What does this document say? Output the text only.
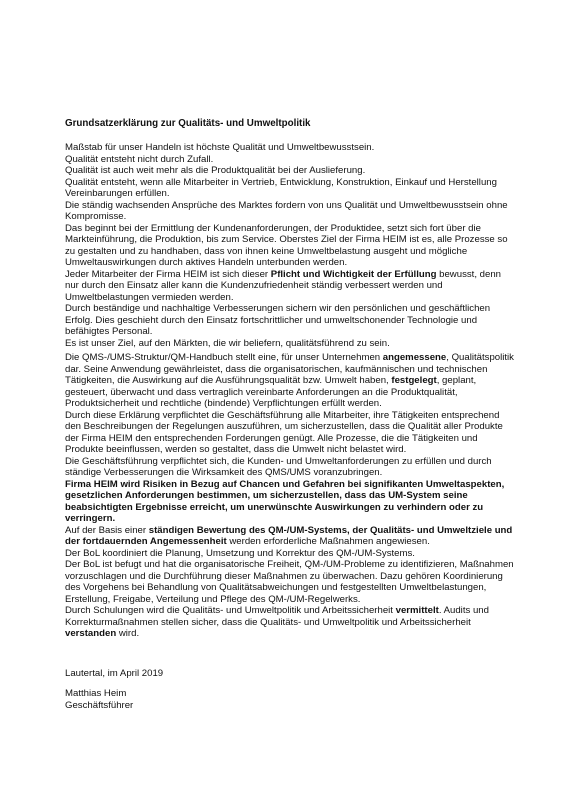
Grundsatzerklärung zur Qualitäts- und Umweltpolitik

Maßstab für unser Handeln ist höchste Qualität und Umweltbewusstsein.

Qualität entsteht nicht durch Zufall.

Qualität ist auch weit mehr als die Produktqualität bei der Auslieferung.

Qualität entsteht, wenn alle Mitarbeiter in Vertrieb, Entwicklung, Konstruktion, Einkauf und Herstellung Vereinbarungen erfüllen.

Die ständig wachsenden Ansprüche des Marktes fordern von uns Qualität und Umweltbewusstsein ohne Kompromisse.

Das beginnt bei der Ermittlung der Kundenanforderungen, der Produktidee, setzt sich fort über die Markteinführung, die Produktion, bis zum Service. Oberstes Ziel der Firma HEIM ist es, alle Prozesse so zu gestalten und zu handhaben, dass von ihnen keine Umweltbelastung ausgeht und mögliche Umweltauswirkungen durch aktives Handeln unterbunden werden.

Jeder Mitarbeiter der Firma HEIM ist sich dieser Pflicht und Wichtigkeit der Erfüllung bewusst, denn nur durch den Einsatz aller kann die Kundenzufriedenheit ständig verbessert werden und Umweltbelastungen vermieden werden.

Durch beständige und nachhaltige Verbesserungen sichern wir den persönlichen und geschäftlichen Erfolg. Dies geschieht durch den Einsatz fortschrittlicher und umweltschonender Technologie und befähigtes Personal.

Es ist unser Ziel, auf den Märkten, die wir beliefern, qualitätsführend zu sein.

Die QMS-/UMS-Struktur/QM-Handbuch stellt eine, für unser Unternehmen angemessene, Qualitätspolitik dar. Seine Anwendung gewährleistet, dass die organisatorischen, kaufmännischen und technischen Tätigkeiten, die Auswirkung auf die Ausführungsqualität bzw. Umwelt haben, festgelegt, geplant, gesteuert, überwacht und dass vertraglich vereinbarte Anforderungen an die Produktqualität, Produktsicherheit und rechtliche (bindende) Verpflichtungen erfüllt werden.

Durch diese Erklärung verpflichtet die Geschäftsführung alle Mitarbeiter, ihre Tätigkeiten entsprechend den Beschreibungen der Regelungen auszuführen, um sicherzustellen, dass die Qualität aller Produkte der Firma HEIM den entsprechenden Forderungen genügt. Alle Prozesse, die die Tätigkeiten und Produkte beeinflussen, werden so gestaltet, dass die Umwelt nicht belastet wird.

Die Geschäftsführung verpflichtet sich, die Kunden- und Umweltanforderungen zu erfüllen und durch ständige Verbesserungen die Wirksamkeit des QMS/UMS voranzubringen.

Firma HEIM wird Risiken in Bezug auf Chancen und Gefahren bei signifikanten Umweltaspekten, gesetzlichen Anforderungen bestimmen, um sicherzustellen, dass das UM-System seine beabsichtigten Ergebnisse erreicht, um unerwünschte Auswirkungen zu verhindern oder zu verringern.

Auf der Basis einer ständigen Bewertung des QM-/UM-Systems, der Qualitäts- und Umweltziele und der fortdauernden Angemessenheit werden erforderliche Maßnahmen angewiesen.

Der BoL koordiniert die Planung, Umsetzung und Korrektur des QM-/UM-Systems.

Der BoL ist befugt und hat die organisatorische Freiheit, QM-/UM-Probleme zu identifizieren, Maßnahmen vorzuschlagen und die Durchführung dieser Maßnahmen zu überwachen. Dazu gehören Koordinierung des Vorgehens bei Behandlung von Qualitätsabweichungen und festgestellten Umweltbelastungen, Erstellung, Freigabe, Verteilung und Pflege des QM-/UM-Regelwerks.

Durch Schulungen wird die Qualitäts- und Umweltpolitik und Arbeitssicherheit vermittelt. Audits und Korrekturmaßnahmen stellen sicher, dass die Qualitäts- und Umweltpolitik und Arbeitssicherheit verstanden wird.

Lautertal, im April 2019
Matthias Heim
Geschäftsführer
